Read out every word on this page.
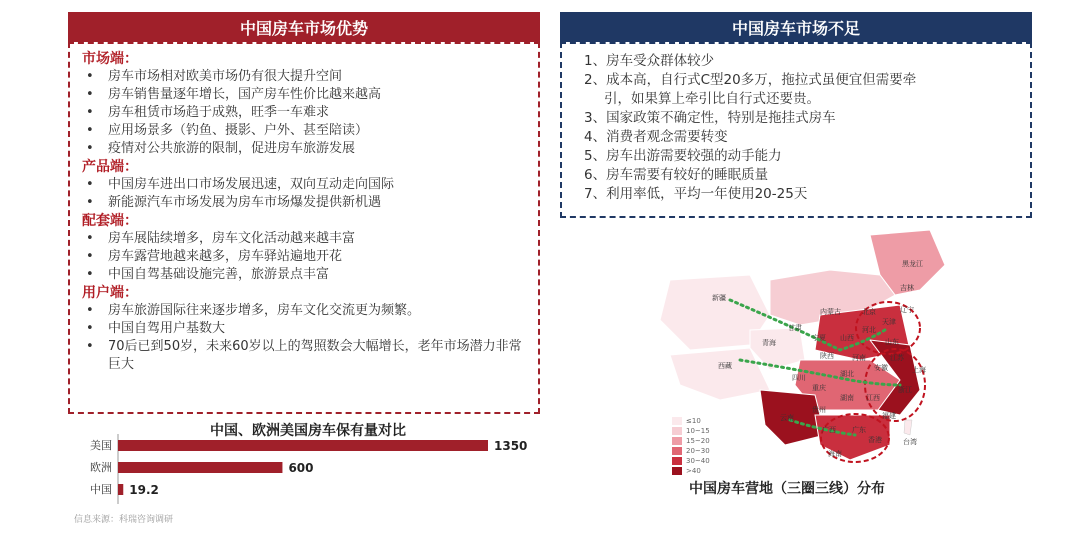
中国房车市场优势
市场端：
• 房车市场相对欧美市场仍有很大提升空间
• 房车销售量逐年增长，国产房车性价比越来越高
• 房车租赁市场趋于成熟，旺季一车难求
• 应用场景多（钓鱼、摄影、户外、甚至陪读）
• 疫情对公共旅游的限制，促进房车旅游发展
产品端：
• 中国房车进出口市场发展迅速，双向互动走向国际
• 新能源汽车市场发展为房车市场爆发提供新机遇
配套端：
• 房车展陆续增多，房车文化活动越来越丰富
• 房车露营地越来越多，房车驿站遍地开花
• 中国自驾基础设施完善，旅游景点丰富
用户端：
• 房车旅游国际往来逐步增多，房车文化交流更为频繁。
• 中国自驾用户基数大
• 70后已到50岁，未来60岁以上的驾照数会大幅增长，老年市场潜力非常巨大
中国房车市场不足
1、房车受众群体较少
2、成本高，自行式C型20多万，拖拉式虽便宜但需要牵
引，如果算上牵引比自行式还要贵。
3、国家政策不确定性，特别是拖挂式房车
4、消费者观念需要转变
5、房车出游需要较强的动手能力
6、房车需要有较好的睡眠质量
7、利用率低，平均一年使用20-25天
中国、欧洲美国房车保有量对比
美国	1350
欧洲	600
中国 19.2
信息来源：科瑞咨询调研
黑龙江
吉林
辽宁
北京
天津
河北
内蒙古
新疆
西藏
青海
甘肃
宁夏 山西	山东
河南
陕西
四川
重庆
湖北
安徽
江苏
上海
浙江
江西
湖南
贵州
云南
广西 广东
福建
海南
台湾
香港
≤10
10~15
15~20
20~30
30~40
>40
中国房车营地（三圈三线）分布
